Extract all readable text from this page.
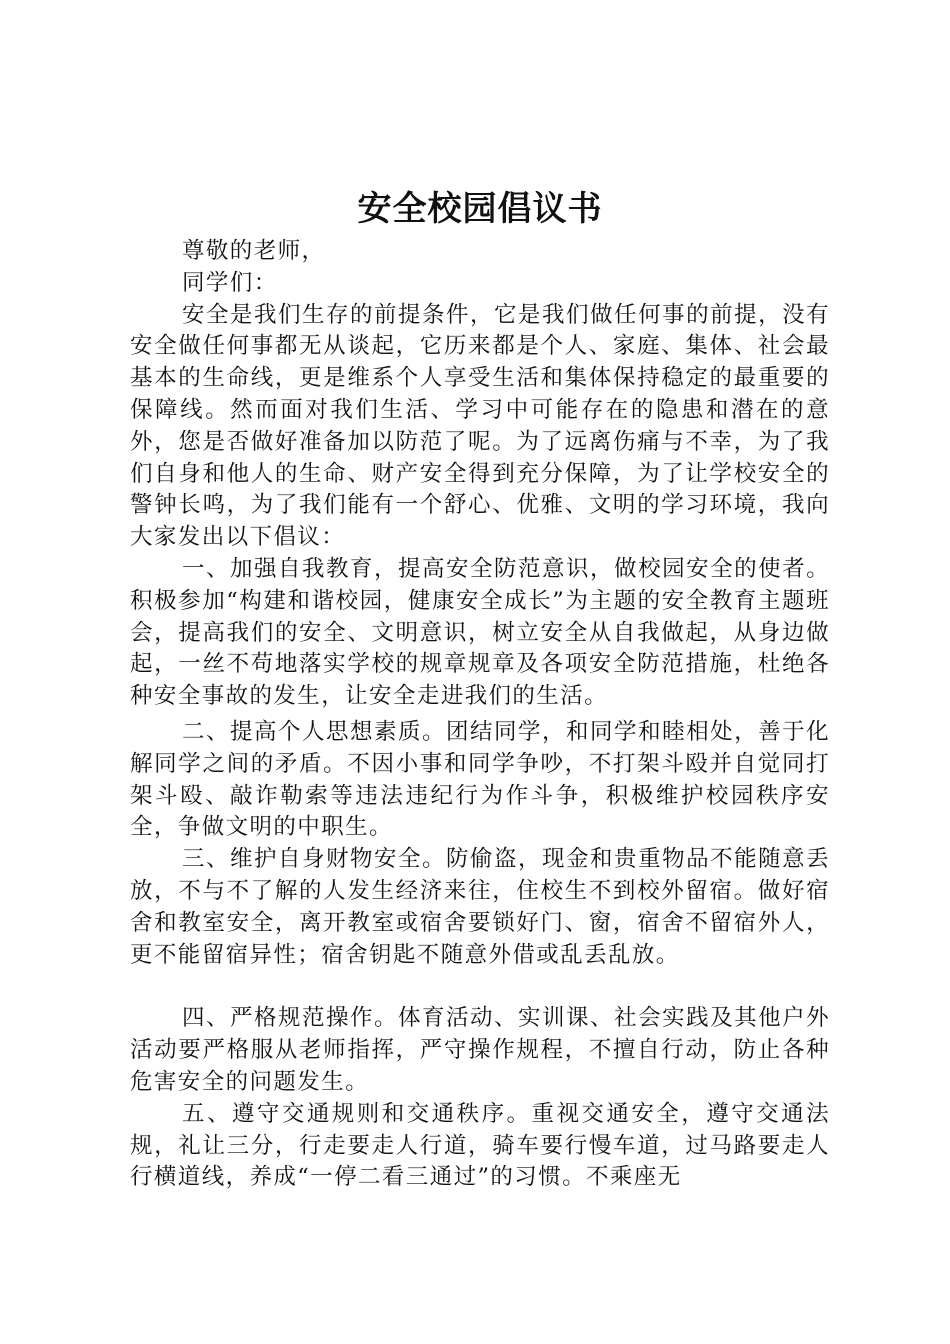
安全校园倡议书

尊敬的老师，

同学们：

安全是我们生存的前提条件，它是我们做任何事的前提，没有安全做任何事都无从谈起，它历来都是个人、家庭、集体、社会最基本的生命线，更是维系个人享受生活和集体保持稳定的最重要的保障线。然而面对我们生活、学习中可能存在的隐患和潜在的意外，您是否做好准备加以防范了呢。为了远离伤痛与不幸，为了我们自身和他人的生命、财产安全得到充分保障，为了让学校安全的警钟长鸣，为了我们能有一个舒心、优雅、文明的学习环境，我向大家发出以下倡议：

一、加强自我教育，提高安全防范意识，做校园安全的使者。积极参加“构建和谐校园，健康安全成长”为主题的安全教育主题班会，提高我们的安全、文明意识，树立安全从自我做起，从身边做起，一丝不苟地落实学校的规章规章及各项安全防范措施，杜绝各种安全事故的发生，让安全走进我们的生活。

二、提高个人思想素质。团结同学，和同学和睦相处，善于化解同学之间的矛盾。不因小事和同学争吵，不打架斗殴并自觉同打架斗殴、敲诈勒索等违法违纪行为作斗争，积极维护校园秩序安全，争做文明的中职生。

三、维护自身财物安全。防偷盗，现金和贵重物品不能随意丢放，不与不了解的人发生经济来往，住校生不到校外留宿。做好宿舍和教室安全，离开教室或宿舍要锁好门、窗，宿舍不留宿外人，更不能留宿异性；宿舍钥匙不随意外借或乱丢乱放。

四、严格规范操作。体育活动、实训课、社会实践及其他户外活动要严格服从老师指挥，严守操作规程，不擅自行动，防止各种危害安全的问题发生。

五、遵守交通规则和交通秩序。重视交通安全，遵守交通法规，礼让三分，行走要走人行道，骑车要行慢车道，过马路要走人行横道线，养成“一停二看三通过”的习惯。不乘座无
